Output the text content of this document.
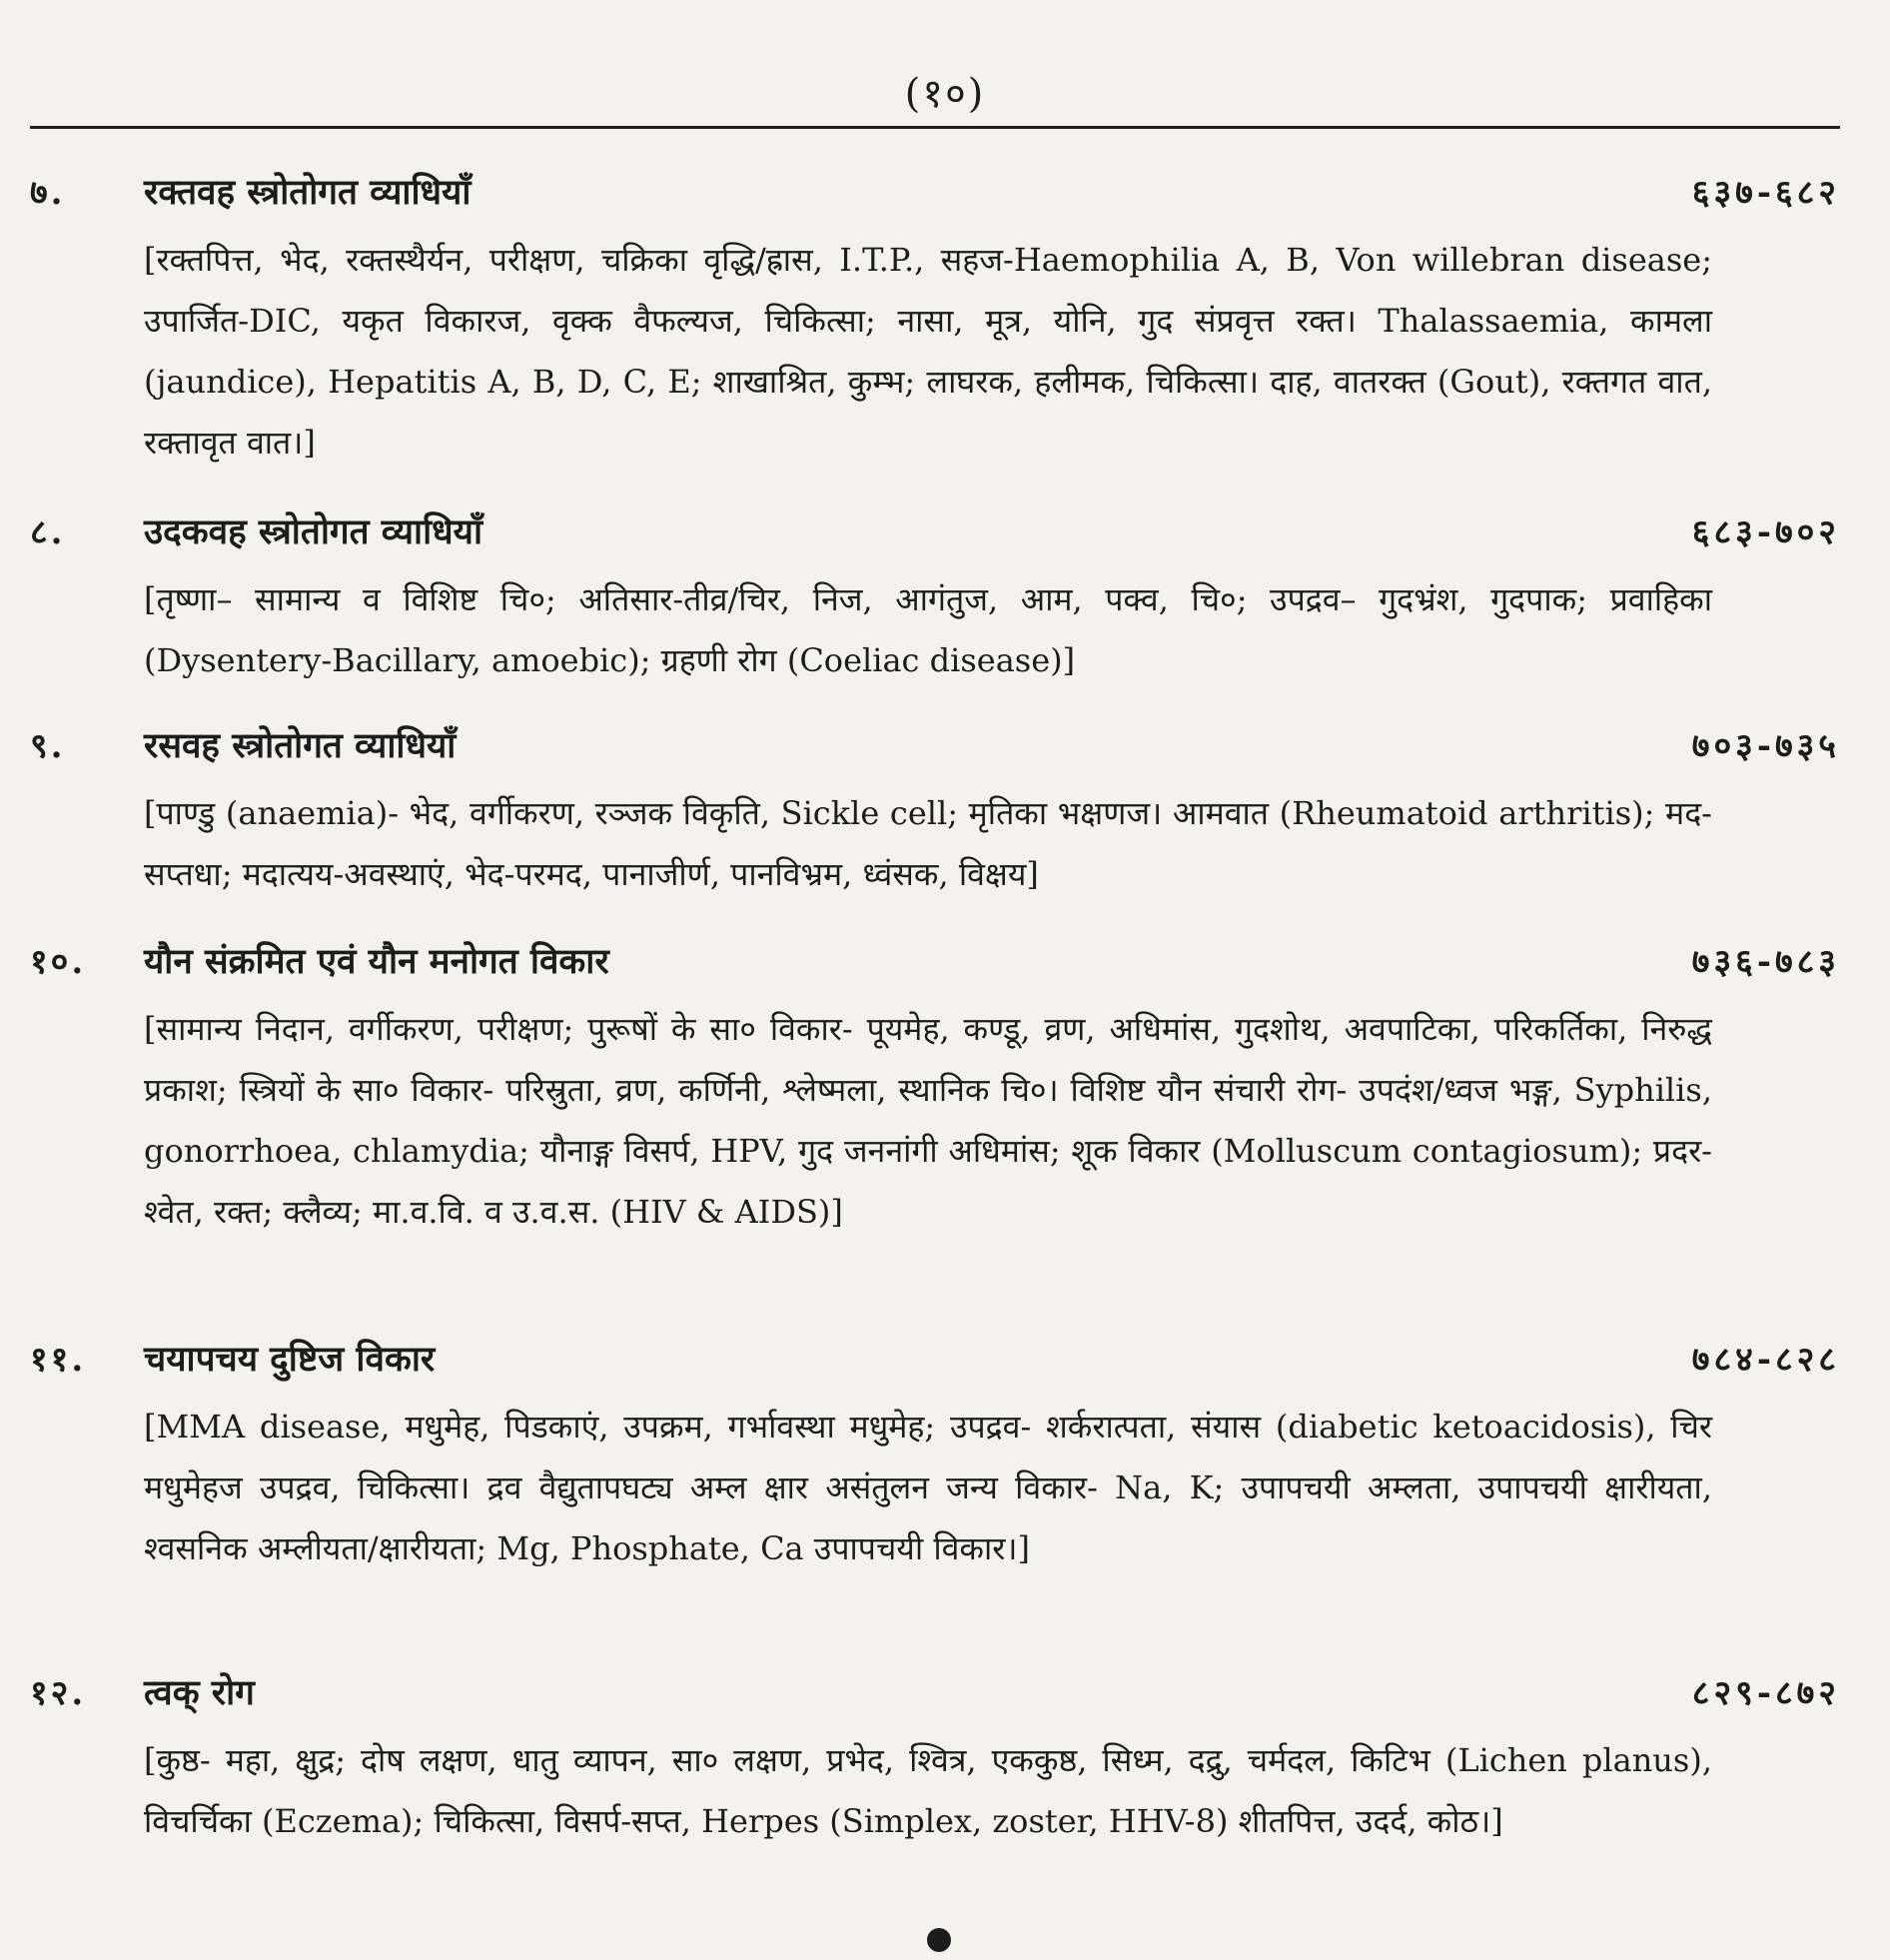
(१०)
७. रक्तवह स्त्रोतोगत व्याधियाँ	६३७-६८२
[रक्तपित्त, भेद, रक्तस्थैर्यन, परीक्षण, चक्रिका वृद्धि/ह्रास, I.T.P., सहज-Haemophilia A, B, Von willebran disease; उपार्जित-DIC, यकृत विकारज, वृक्क वैफल्यज, चिकित्सा; नासा, मूत्र, योनि, गुद संप्रवृत्त रक्त। Thalassaemia, कामला (jaundice), Hepatitis A, B, D, C, E; शाखाश्रित, कुम्भ; लाघरक, हलीमक, चिकित्सा। दाह, वातरक्त (Gout), रक्तगत वात, रक्तावृत वात।]
८. उदकवह स्त्रोतोगत व्याधियाँ	६८३-७०२
[तृष्णा– सामान्य व विशिष्ट चि०; अतिसार-तीव्र/चिर, निज, आगंतुज, आम, पक्व, चि०; उपद्रव– गुदभ्रंश, गुदपाक; प्रवाहिका (Dysentery-Bacillary, amoebic); ग्रहणी रोग (Coeliac disease)]
९. रसवह स्त्रोतोगत व्याधियाँ	७०३-७३५
[पाण्डु (anaemia)- भेद, वर्गीकरण, रञ्जक विकृति, Sickle cell; मृतिका भक्षणज। आमवात (Rheumatoid arthritis); मद-सप्तधा; मदात्यय-अवस्थाएं, भेद-परमद, पानाजीर्ण, पानविभ्रम, ध्वंसक, विक्षय]
१०. यौन संक्रमित एवं यौन मनोगत विकार	७३६-७८३
[सामान्य निदान, वर्गीकरण, परीक्षण; पुरूषों के सा० विकार- पूयमेह, कण्डू, व्रण, अधिमांस, गुदशोथ, अवपाटिका, परिकर्तिका, निरुद्ध प्रकाश; स्त्रियों के सा० विकार- परिस्रुता, व्रण, कर्णिनी, श्लेष्मला, स्थानिक चि०। विशिष्ट यौन संचारी रोग- उपदंश/ध्वज भङ्ग, Syphilis, gonorrhoea, chlamydia; यौनाङ्ग विसर्प, HPV, गुद जननांगी अधिमांस; शूक विकार (Molluscum contagiosum); प्रदर-श्वेत, रक्त; क्लैव्य; मा.व.वि. व उ.व.स. (HIV & AIDS)]
११. चयापचय दुष्टिज विकार	७८४-८२८
[MMA disease, मधुमेह, पिडकाएं, उपक्रम, गर्भावस्था मधुमेह; उपद्रव- शर्करात्पता, संयास (diabetic ketoacidosis), चिर मधुमेहज उपद्रव, चिकित्सा। द्रव वैद्युतापघट्य अम्ल क्षार असंतुलन जन्य विकार- Na, K; उपापचयी अम्लता, उपापचयी क्षारीयता, श्वसनिक अम्लीयता/क्षारीयता; Mg, Phosphate, Ca उपापचयी विकार।]
१२. त्वक् रोग	८२९-८७२
[कुष्ठ- महा, क्षुद्र; दोष लक्षण, धातु व्यापन, सा० लक्षण, प्रभेद, श्वित्र, एककुष्ठ, सिध्म, दद्रु, चर्मदल, किटिभ (Lichen planus), विचर्चिका (Eczema); चिकित्सा, विसर्प-सप्त, Herpes (Simplex, zoster, HHV-8) शीतपित्त, उदर्द, कोठ।]
